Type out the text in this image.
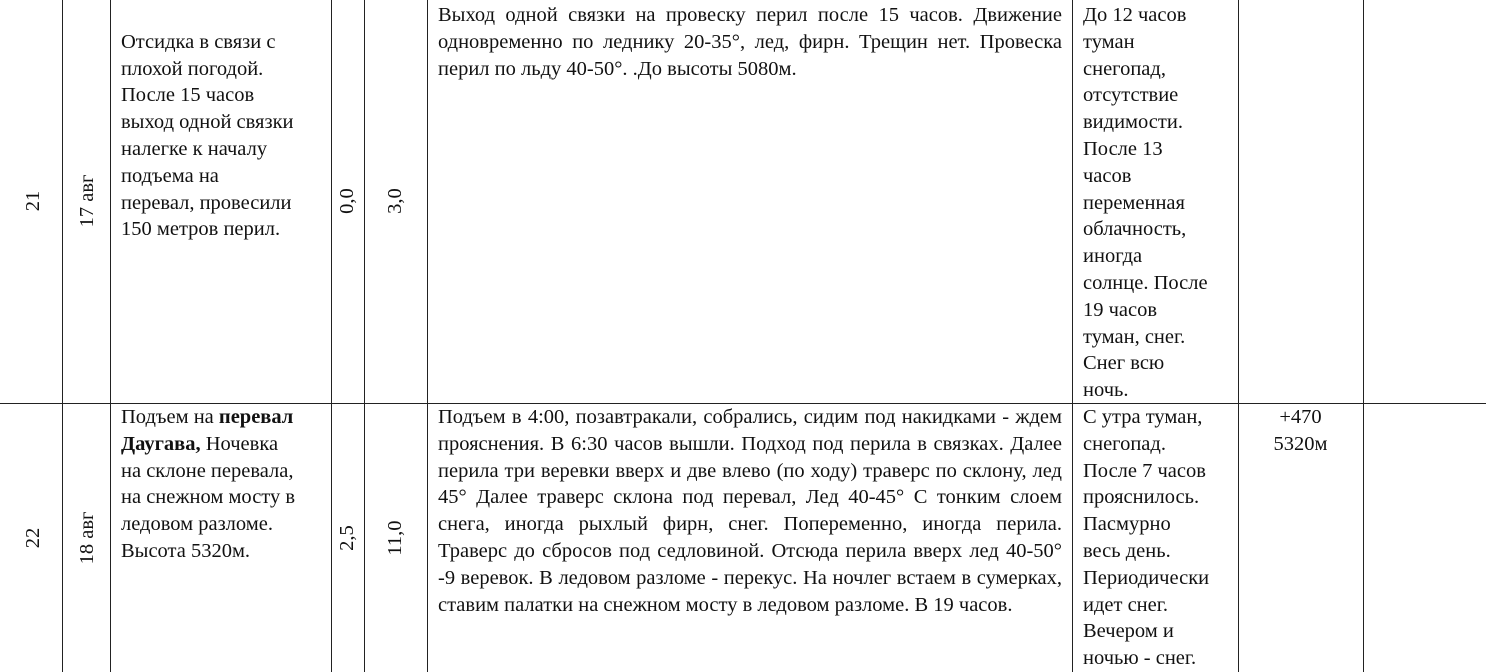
21 17 авг

Отсидка в связи с
плохой погодой.
После 15 часов
выход одной связки
налегке к началу
подъема на
перевал, провесили
150 метров перил.

0,0 3,0
Выход одной связки на провеску перил после 15 часов. Движение одновременно по леднику 20-35°, лед, фирн. Трещин нет. Провеска перил по льду 40-50°. .До высоты 5080м.
До 12 часов
туман
снегопад,
отсутствие
видимости.
После 13
часов
переменная
облачность,
иногда
солнце. После
19 часов
туман, снег.
Снег всю
ночь.
22 18 авг
Подъем на перевал
Даугава, Ночевка
на склоне перевала,
на снежном мосту в
ледовом разломе.
Высота 5320м.
2,5 11,0
Подъем в 4:00, позавтракали, собрались, сидим под накидками - ждем прояснения. В 6:30 часов вышли. Подход под перила в связках. Далее перила три веревки вверх и две влево (по ходу) траверс по склону, лед 45° Далее траверс склона под перевал, Лед 40-45° С тонким слоем снега, иногда рыхлый фирн, снег. Попеременно, иногда перила. Траверс до сбросов под седловиной. Отсюда перила вверх лед 40-50° -9 веревок. В ледовом разломе - перекус. На ночлег встаем в сумерках, ставим палатки на снежном мосту в ледовом разломе. В 19 часов.
С утра туман,
снегопад.
После 7 часов
прояснилось.
Пасмурно
весь день.
Периодически
идет снег.
Вечером и
ночью - снег.
+470
5320м
